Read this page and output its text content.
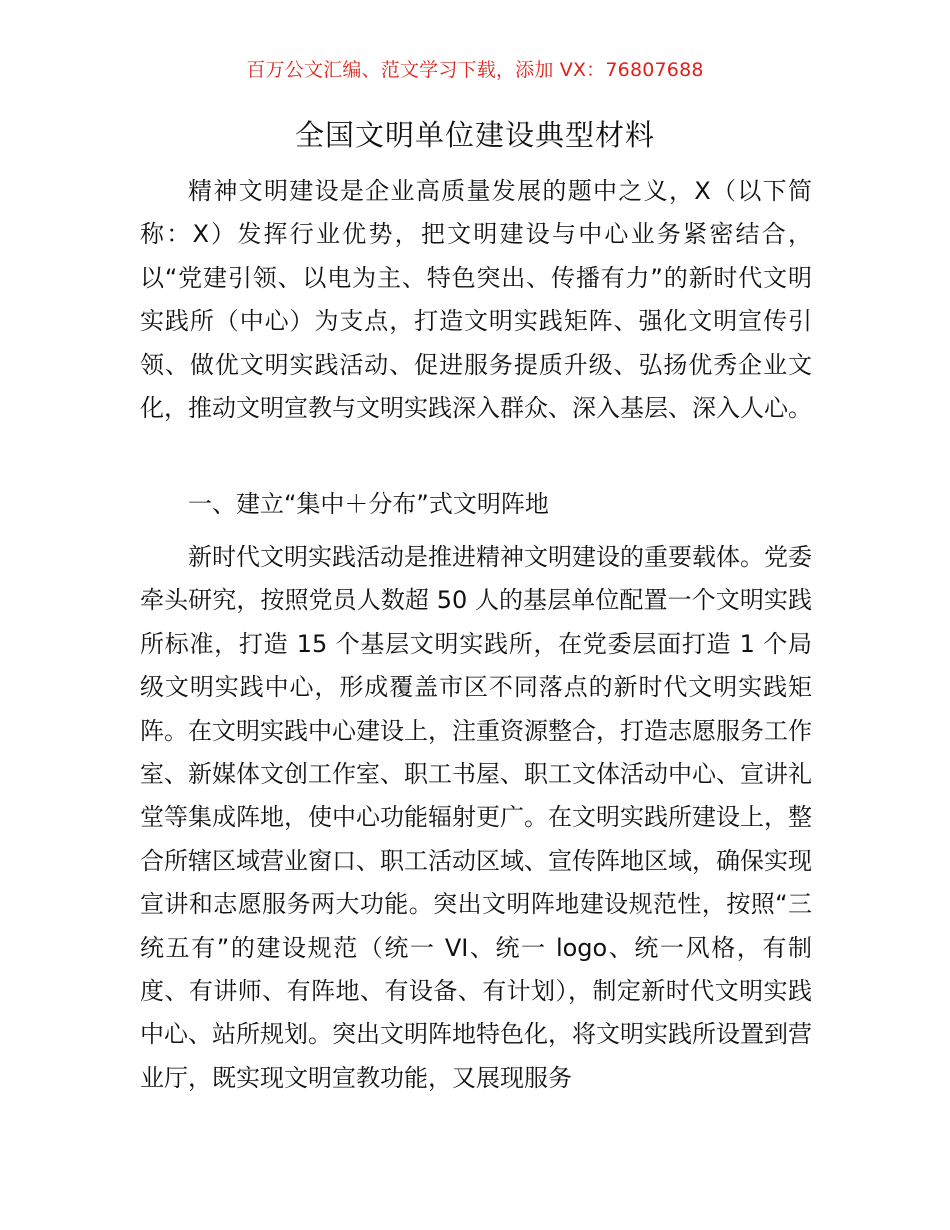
百万公文汇编、范文学习下载，添加 VX：76807688
全国文明单位建设典型材料

精神文明建设是企业高质量发展的题中之义，X（以下简称：X）发挥行业优势，把文明建设与中心业务紧密结合，以“党建引领、以电为主、特色突出、传播有力”的新时代文明实践所（中心）为支点，打造文明实践矩阵、强化文明宣传引领、做优文明实践活动、促进服务提质升级、弘扬优秀企业文化，推动文明宣教与文明实践深入群众、深入基层、深入人心。

一、建立“集中＋分布”式文明阵地

新时代文明实践活动是推进精神文明建设的重要载体。党委牵头研究，按照党员人数超 50 人的基层单位配置一个文明实践所标准，打造 15 个基层文明实践所，在党委层面打造 1 个局级文明实践中心，形成覆盖市区不同落点的新时代文明实践矩阵。在文明实践中心建设上，注重资源整合，打造志愿服务工作室、新媒体文创工作室、职工书屋、职工文体活动中心、宣讲礼堂等集成阵地，使中心功能辐射更广。在文明实践所建设上，整合所辖区域营业窗口、职工活动区域、宣传阵地区域，确保实现宣讲和志愿服务两大功能。突出文明阵地建设规范性，按照“三统五有”的建设规范（统一 VI、统一 logo、统一风格，有制度、有讲师、有阵地、有设备、有计划），制定新时代文明实践中心、站所规划。突出文明阵地特色化，将文明实践所设置到营业厅，既实现文明宣教功能，又展现服务
